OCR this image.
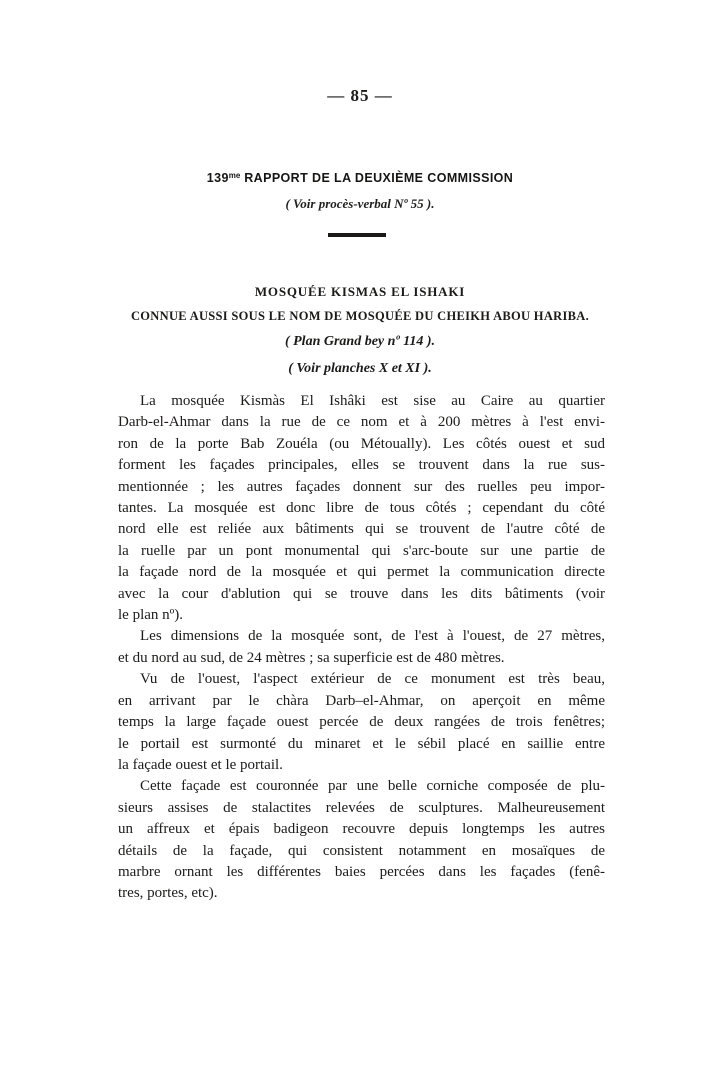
— 85 —
$139^{me}$ RAPPORT DE LA DEUXIÈME COMMISSION
( Voir procès-verbal Nº 55 ).
MOSQUÉE KISMAS EL ISHAKI
CONNUE AUSSI SOUS LE NOM DE MOSQUÉE DU CHEIKH ABOU HARIBA.
( Plan Grand bey nº 114 ).
( Voir planches X et XI ).
La mosquée Kismàs El Ishâki est sise au Caire au quartier
Darb-el-Ahmar dans la rue de ce nom et à 200 mètres à l'est envi-
ron de la porte Bab Zouéla (ou Métoually). Les côtés ouest et sud
forment les façades principales, elles se trouvent dans la rue sus-
mentionnée ; les autres façades donnent sur des ruelles peu impor-
tantes. La mosquée est donc libre de tous côtés ; cependant du côté
nord elle est reliée aux bâtiments qui se trouvent de l'autre côté de
la ruelle par un pont monumental qui s'arc-boute sur une partie de
la façade nord de la mosquée et qui permet la communication directe
avec la cour d'ablution qui se trouve dans les dits bâtiments (voir
le plan nº).
Les dimensions de la mosquée sont, de l'est à l'ouest, de 27 mètres,
et du nord au sud, de 24 mètres ; sa superficie est de 480 mètres.
Vu de l'ouest, l'aspect extérieur de ce monument est très beau,
en arrivant par le chàra Darb–el-Ahmar, on aperçoit en même
temps la large façade ouest percée de deux rangées de trois fenêtres;
le portail est surmonté du minaret et le sébil placé en saillie entre
la façade ouest et le portail.
Cette façade est couronnée par une belle corniche composée de plu-
sieurs assises de stalactites relevées de sculptures. Malheureusement
un affreux et épais badigeon recouvre depuis longtemps les autres
détails de la façade, qui consistent notamment en mosaïques de
marbre ornant les différentes baies percées dans les façades (fenê-
tres, portes, etc).
